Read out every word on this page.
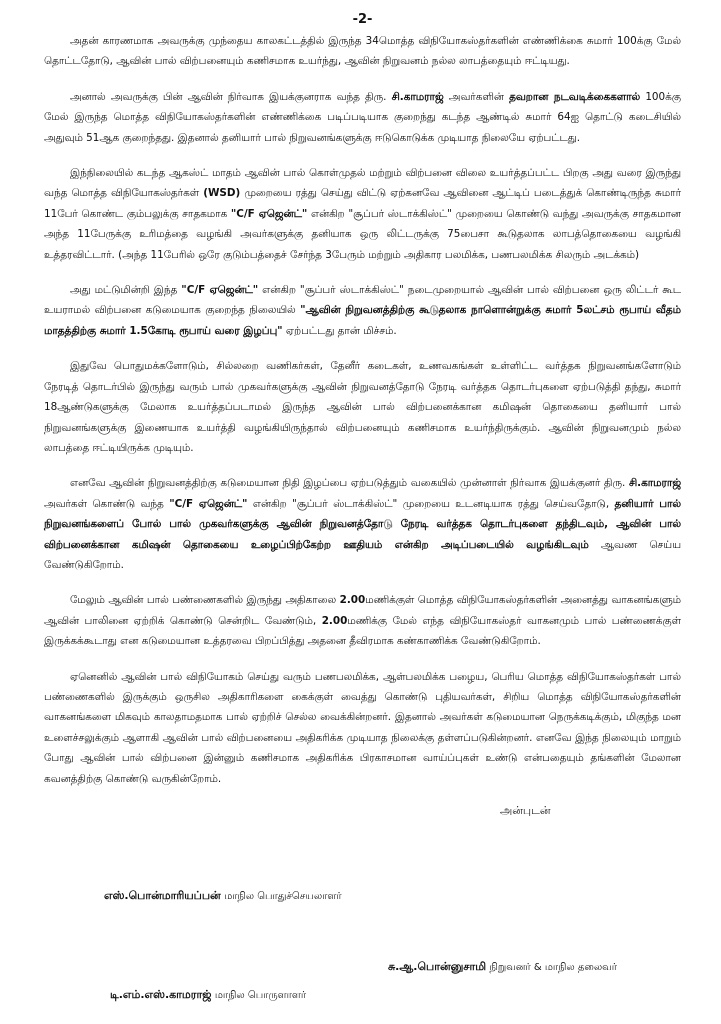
-2-

அதன் காரணமாக அவருக்கு முந்தைய காலகட்டத்தில் இருந்த 34மொத்த விநியோகஸ்தர்களின் எண்ணிக்கை சுமார் 100க்கு மேல் தொட்டதோடு, ஆவின் பால் விற்பனையும் கணிசமாக உயர்ந்து, ஆவின் நிறுவனம் நல்ல லாபத்தையும் ஈட்டியது.

அனால் அவருக்கு பின் ஆவின் நிர்வாக இயக்குனராக வந்த திரு. சி.காமராஜ் அவர்களின் தவறான நடவடிக்கைகளால் 100க்கு மேல் இருந்த மொத்த விநியோகஸ்தர்களின் எண்ணிக்கை படிப்படியாக குறைந்து கடந்த ஆண்டில் சுமார் 64ஐ தொட்டு கடைசியில் அதுவும் 51ஆக குறைந்தது. இதனால் தனியார் பால் நிறுவனங்களுக்கு ஈடுகொடுக்க முடியாத நிலையே ஏற்பட்டது.

இந்நிலையில் கடந்த ஆகஸ்ட் மாதம் ஆவின் பால் கொள்முதல் மற்றும் விற்பனை விலை உயர்த்தப்பட்ட பிறகு அது வரை இருந்து வந்த மொத்த விநியோகஸ்தர்கள் (WSD) முறையை ரத்து செய்து விட்டு ஏற்கனவே ஆவினை ஆட்டிப் படைத்துக் கொண்டிருந்த சுமார் 11பேர் கொண்ட கும்பலுக்கு சாதகமாக "C/F ஏஜென்ட்" என்கிற "சூப்பர் ஸ்டாக்கிஸ்ட்" முறையை கொண்டு வந்து அவருக்கு சாதகமான அந்த 11பேருக்கு உரிமத்தை வழங்கி அவர்களுக்கு தனியாக ஒரு லிட்டருக்கு 75பைசா கூடுதலாக லாபத்தொகையை வழங்கி உத்தரவிட்டார். (அந்த 11பேரில் ஒரே குடும்பத்தைச் சேர்ந்த 3பேரும் மற்றும் அதிகார பலமிக்க, பணபலமிக்க சிலரும் அடக்கம்)

அது மட்டுமின்றி இந்த "C/F ஏஜென்ட்" என்கிற "சூப்பர் ஸ்டாக்கிஸ்ட்" நடைமுறையால் ஆவின் பால் விற்பனை ஒரு லிட்டர் கூட உயராமல் விற்பனை கடுமையாக குறைந்த நிலையில் "ஆவின் நிறுவனத்திற்கு கூடுதலாக நாளொன்றுக்கு சுமார் 5லட்சம் ரூபாய் வீதம் மாதத்திற்கு சுமார் 1.5கோடி ரூபாய் வரை இழப்பு" ஏற்பட்டது தான் மிச்சம்.

இதுவே பொதுமக்களோடும், சில்லறை வணிகர்கள், தேனீர் கடைகள், உணவகங்கள் உள்ளிட்ட வர்த்தக நிறுவனங்களோடும் நேரடித் தொடர்பில் இருந்து வரும் பால் முகவர்களுக்கு ஆவின் நிறுவனத்தோடு நேரடி வர்த்தக தொடர்புகளை ஏற்படுத்தி தந்து, சுமார் 18ஆண்டுகளுக்கு மேலாக உயர்த்தப்படாமல் இருந்த ஆவின் பால் விற்பனைக்கான கமிஷன் தொகையை தனியார் பால் நிறுவனங்களுக்கு இணையாக உயர்த்தி வழங்கியிருந்தால் விற்பனையும் கணிசமாக உயர்ந்திருக்கும். ஆவின் நிறுவனமும் நல்ல லாபத்தை ஈட்டியிருக்க முடியும்.

எனவே ஆவின் நிறுவனத்திற்கு கடுமையான நிதி இழப்பை ஏற்படுத்தும் வகையில் முன்னாள் நிர்வாக இயக்குனர் திரு. சி.காமராஜ் அவர்கள் கொண்டு வந்த "C/F ஏஜென்ட்" என்கிற "சூப்பர் ஸ்டாக்கிஸ்ட்" முறையை உடனடியாக ரத்து செய்வதோடு, தனியார் பால் நிறுவனங்களைப் போல் பால் முகவர்களுக்கு ஆவின் நிறுவனத்தோடு நேரடி வர்த்தக தொடர்புகளை தந்திடவும், ஆவின் பால் விற்பனைக்கான கமிஷன் தொகையை உழைப்பிற்கேற்ற ஊதியம் என்கிற அடிப்படையில் வழங்கிடவும் ஆவண செய்ய வேண்டுகிறோம்.

மேலும் ஆவின் பால் பண்ணைகளில் இருந்து அதிகாலை 2.00மணிக்குள் மொத்த விநியோகஸ்தர்களின் அனைத்து வாகனங்களும் ஆவின் பாலினை ஏற்றிக் கொண்டு சென்றிட வேண்டும், 2.00மணிக்கு மேல் எந்த விநியோகஸ்தர் வாகனமும் பால் பண்ணைக்குள் இருக்கக்கூடாது என கடுமையான உத்தரவை பிறப்பித்து அதனை தீவிரமாக கண்காணிக்க வேண்டுகிறோம்.

ஏனெனில் ஆவின் பால் விநியோகம் செய்து வரும் பணபலமிக்க, ஆள்பலமிக்க பழைய, பெரிய மொத்த விநியோகஸ்தர்கள் பால் பண்ணைகளில் இருக்கும் ஒருசில அதிகாரிகளை கைக்குள் வைத்து கொண்டு புதியவர்கள், சிறிய மொத்த விநியோகஸ்தர்களின் வாகனங்களை மிகவும் காலதாமதமாக பால் ஏற்றிச் செல்ல வைக்கின்றனர். இதனால் அவர்கள் கடுமையான நெருக்கடிக்கும், மிகுந்த மன உளைச்சலுக்கும் ஆளாகி ஆவின் பால் விற்பனையை அதிகரிக்க முடியாத நிலைக்கு தள்ளப்படுகின்றனர். எனவே இந்த நிலையும் மாறும் போது ஆவின் பால் விற்பனை இன்னும் கணிசமாக அதிகரிக்க பிரகாசமான வாய்ப்புகள் உண்டு என்பதையும் தங்களின் மேலான கவனத்திற்கு கொண்டு வருகின்றோம்.

அன்புடன்
எஸ்.பொன்மாரியப்பன் மாநில பொதுச்செயலாளர்
சு.ஆ.பொன்னுசாமி நிறுவனர் & மாநில தலைவர்
டி.எம்.எஸ்.காமராஜ் மாநில பொருளாளர்
